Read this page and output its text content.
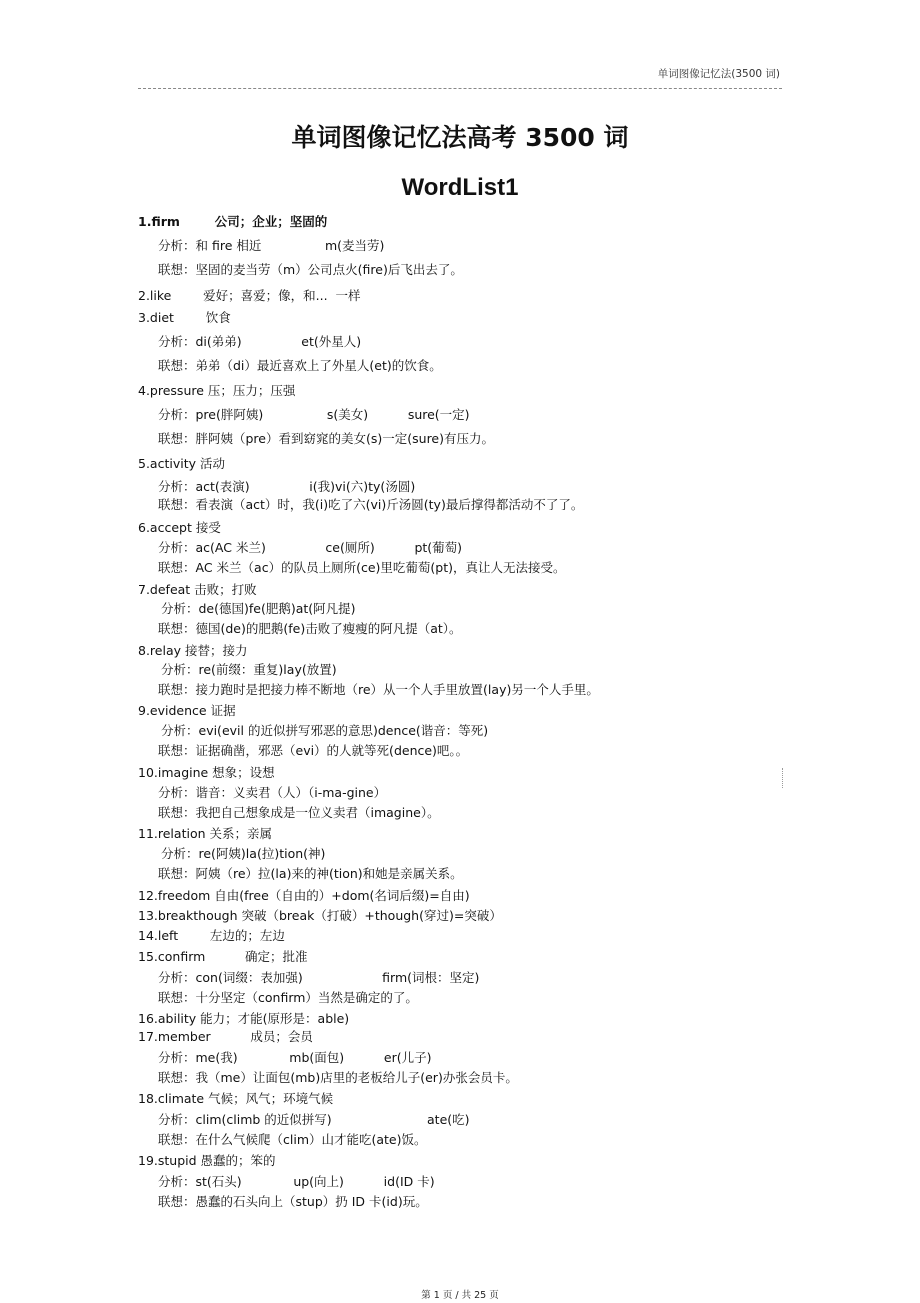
单词图像记忆法(3500 词)
单词图像记忆法高考 3500 词
WordList1
1.firm        公司；企业；坚固的
分析：和 fire 相近                m(麦当劳)
联想：坚固的麦当劳（m）公司点火(fire)后飞出去了。
2.like        爱好；喜爱；像，和...  一样
3.diet        饮食
分析：di(弟弟)               et(外星人)
联想：弟弟（di）最近喜欢上了外星人(et)的饮食。
4.pressure 压；压力；压强
分析：pre(胖阿姨)                s(美女)          sure(一定)
联想：胖阿姨（pre）看到窈窕的美女(s)一定(sure)有压力。
5.activity 活动
分析：act(表演)               i(我)vi(六)ty(汤圆)
联想：看表演（act）时，我(i)吃了六(vi)斤汤圆(ty)最后撑得都活动不了了。
6.accept 接受
分析：ac(AC 米兰)               ce(厕所)          pt(葡萄)
联想：AC 米兰（ac）的队员上厕所(ce)里吃葡萄(pt)，真让人无法接受。
7.defeat 击败；打败
分析：de(德国)fe(肥鹅)at(阿凡提)
联想：德国(de)的肥鹅(fe)击败了瘦瘦的阿凡提（at）。
8.relay 接替；接力
分析：re(前缀：重复)lay(放置)
联想：接力跑时是把接力棒不断地（re）从一个人手里放置(lay)另一个人手里。
9.evidence 证据
分析：evi(evil 的近似拼写邪恶的意思)dence(谐音：等死)
联想：证据确凿，邪恶（evi）的人就等死(dence)吧。。
10.imagine 想象；设想
分析：谐音：义卖君（人）（i-ma-gine）
联想：我把自己想象成是一位义卖君（imagine）。
11.relation 关系；亲属
分析：re(阿姨)la(拉)tion(神)
联想：阿姨（re）拉(la)来的神(tion)和她是亲属关系。
12.freedom 自由(free（自由的）+dom(名词后缀)=自由)
13.breakthough 突破（break（打破）+though(穿过)=突破）
14.left        左边的；左边
15.confirm          确定；批准
分析：con(词缀：表加强)                    firm(词根：坚定)
联想：十分坚定（confirm）当然是确定的了。
16.ability 能力；才能(原形是：able)
17.member          成员；会员
分析：me(我)             mb(面包)          er(儿子)
联想：我（me）让面包(mb)店里的老板给儿子(er)办张会员卡。
18.climate 气候；风气；环境气候
分析：clim(climb 的近似拼写)                        ate(吃)
联想：在什么气候爬（clim）山才能吃(ate)饭。
19.stupid 愚蠢的；笨的
分析：st(石头)             up(向上)          id(ID 卡)
联想：愚蠢的石头向上（stup）扔 ID 卡(id)玩。
第 1 页 / 共 25 页
